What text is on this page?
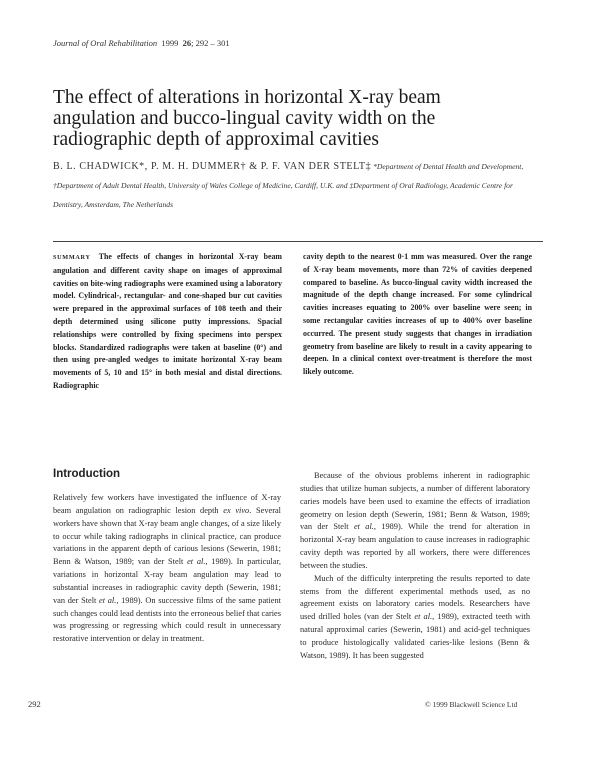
Journal of Oral Rehabilitation 1999 26; 292 – 301
The effect of alterations in horizontal X-ray beam angulation and bucco-lingual cavity width on the radiographic depth of approximal cavities
B. L. CHADWICK*, P. M. H. DUMMER† & P. F. VAN DER STELT‡ *Department of Dental Health and Development, †Department of Adult Dental Health, University of Wales College of Medicine, Cardiff, U.K. and ‡Department of Oral Radiology, Academic Centre for Dentistry, Amsterdam, The Netherlands
SUMMARY The effects of changes in horizontal X-ray beam angulation and different cavity shape on images of approximal cavities on bite-wing radiographs were examined using a laboratory model. Cylindrical-, rectangular- and cone-shaped bur cut cavities were prepared in the approximal surfaces of 108 teeth and their depth determined using silicone putty impressions. Spacial relationships were controlled by fixing specimens into perspex blocks. Standardized radiographs were taken at baseline (0°) and then using pre-angled wedges to imitate horizontal X-ray beam movements of 5, 10 and 15° in both mesial and distal directions. Radiographic
cavity depth to the nearest 0·1 mm was measured. Over the range of X-ray beam movements, more than 72% of cavities deepened compared to baseline. As bucco-lingual cavity width increased the magnitude of the depth change increased. For some cylindrical cavities increases equating to 200% over baseline were seen; in some rectangular cavities increases of up to 400% over baseline occurred. The present study suggests that changes in irradiation geometry from baseline are likely to result in a cavity appearing to deepen. In a clinical context over-treatment is therefore the most likely outcome.
Introduction

Relatively few workers have investigated the influence of X-ray beam angulation on radiographic lesion depth ex vivo. Several workers have shown that X-ray beam angle changes, of a size likely to occur while taking radiographs in clinical practice, can produce variations in the apparent depth of carious lesions (Sewerin, 1981; Benn & Watson, 1989; van der Stelt et al., 1989). In particular, variations in horizontal X-ray beam angulation may lead to substantial increases in radiographic cavity depth (Sewerin, 1981; van der Stelt et al., 1989). On successive films of the same patient such changes could lead dentists into the erroneous belief that caries was progressing or regressing which could result in unnecessary restorative intervention or delay in treatment.

Because of the obvious problems inherent in radiographic studies that utilize human subjects, a number of different laboratory caries models have been used to examine the effects of irradiation geometry on lesion depth (Sewerin, 1981; Benn & Watson, 1989; van der Stelt et al., 1989). While the trend for alteration in horizontal X-ray beam angulation to cause increases in radiographic cavity depth was reported by all workers, there were differences between the studies.

Much of the difficulty interpreting the results reported to date stems from the different experimental methods used, as no agreement exists on laboratory caries models. Researchers have used drilled holes (van der Stelt et al., 1989), extracted teeth with natural approximal caries (Sewerin, 1981) and acid-gel techniques to produce histologically validated caries-like lesions (Benn & Watson, 1989). It has been suggested

292	© 1999 Blackwell Science Ltd
